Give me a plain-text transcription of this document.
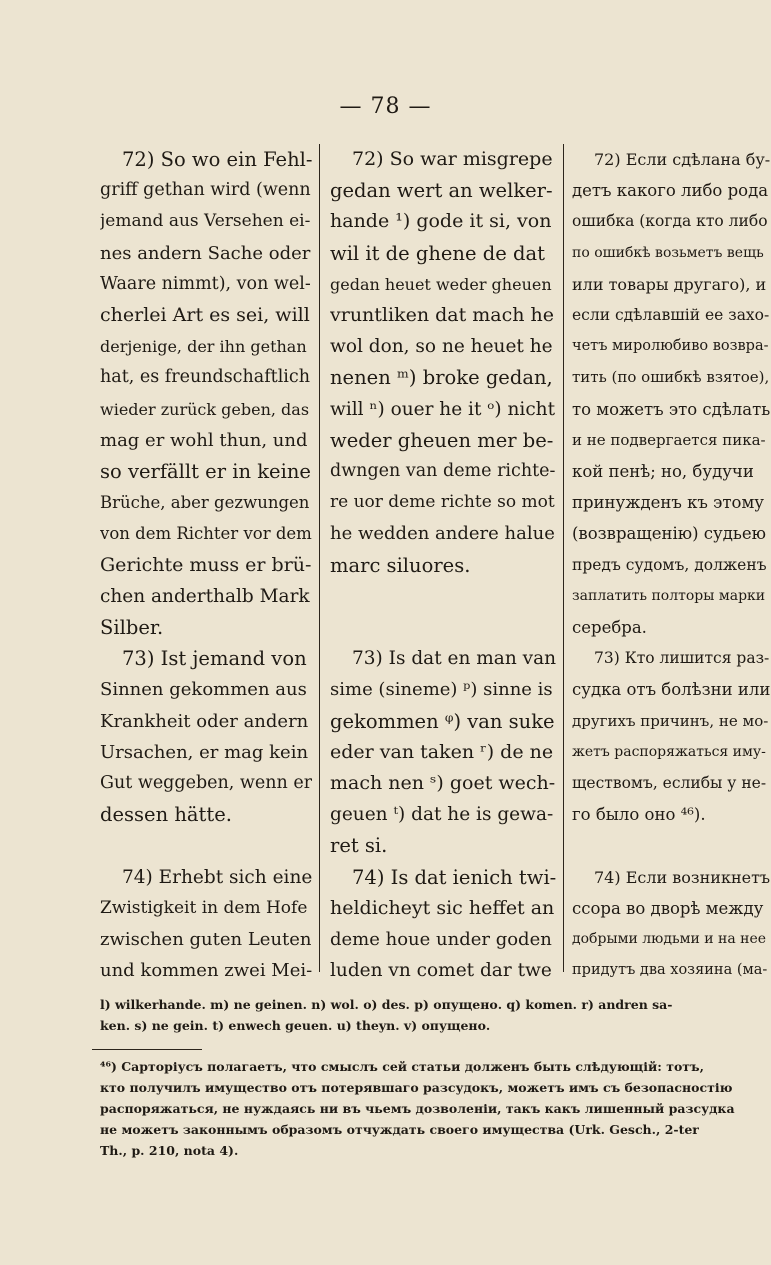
— 78 —
72) So wo ein Fehl-
griff gethan wird (wenn
jemand aus Versehen ei-
nes andern Sache oder
Waare nimmt), von wel-
cherlei Art es sei, will
derjenige, der ihn gethan
hat, es freundschaftlich
wieder zurück geben, das
mag er wohl thun, und
so verfällt er in keine
Brüche, aber gezwungen
von dem Richter vor dem
Gerichte muss er brü-
chen anderthalb Mark
Silber.
73) Ist jemand von
Sinnen gekommen aus
Krankheit oder andern
Ursachen, er mag kein
Gut weggeben, wenn er
dessen hätte.
74) Erhebt sich eine
Zwistigkeit in dem Hofe
zwischen guten Leuten
und kommen zwei Mei-
72) So war misgrepe
gedan wert an welker-
hande ¹) gode it si, von
wil it de ghene de dat
gedan heuet weder gheuen
vruntliken dat mach he
wol don, so ne heuet he
nenen ᵐ) broke gedan,
will ⁿ) ouer he it ᵒ) nicht
weder gheuen mer be-
dwngen van deme richte-
re uor deme richte so mot
he wedden andere halue
marc siluores.
73) Is dat en man van
sime (sineme) ᵖ) sinne is
gekommen ᵠ) van suke
eder van taken ʳ) de ne
mach nen ˢ) goet wech-
geuen ᵗ) dat he is gewa-
ret si.
74) Is dat ienich twi-
heldicheyt sic heffet an
deme houe under goden
luden vn comet dar twe
72) Если сдѣлана бу-
детъ какого либо рода
ошибка (когда кто либо
по ошибкѣ возьметъ вещь
или товары другаго), и
если сдѣлавшій ее захо-
четъ миролюбиво возвра-
тить (по ошибкѣ взятое),
то можетъ это сдѣлать
и не подвергается пика-
кой пенѣ; но, будучи
принужденъ къ этому
(возвращенію) судьею
предъ судомъ, долженъ
заплатить полторы марки
серебра.
73) Кто лишится раз-
судка отъ болѣзни или
другихъ причинъ, не мо-
жетъ распоряжаться иму-
ществомъ, еслибы у не-
го было оно ⁴⁶).
74) Если возникнетъ
ссора во дворѣ между
добрыми людьми и на нее
придутъ два хозяина (ма-
l) wilkerhande. m) ne geinen. n) wol. o) des. p) опущено. q) komen. r) andren sa-
ken. s) ne gein. t) enwech geuen. u) theyn. v) опущено.
⁴⁶) Сарторіусъ полагаетъ, что смыслъ сей статьи долженъ быть слѣдующій: тотъ,
кто получилъ имущество отъ потерявшаго разсудокъ, можетъ имъ съ безопасностію
распоряжаться, не нуждаясь ни въ чьемъ дозволеніи, такъ какъ лишенный разсудка
не можетъ законнымъ образомъ отчуждать своего имущества (Urk. Gesch., 2-ter
Th., p. 210, nota 4).
